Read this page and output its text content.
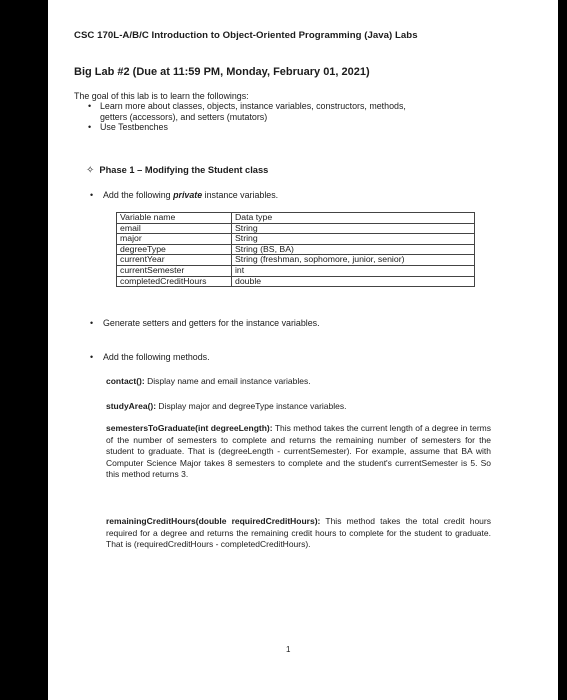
CSC 170L-A/B/C Introduction to Object-Oriented Programming (Java) Labs
Big Lab #2 (Due at 11:59 PM, Monday, February 01, 2021)
The goal of this lab is to learn the followings:
• Learn more about classes, objects, instance variables, constructors, methods,
getters (accessors), and setters (mutators)
• Use Testbenches
✧ Phase 1 – Modifying the Student class
• Add the following private instance variables.
Variable name	Data type
email	String
major	String
degreeType	String (BS, BA)
currentYear	String (freshman, sophomore, junior, senior)
currentSemester	int
completedCreditHours	double
• Generate setters and getters for the instance variables.
• Add the following methods.
contact(): Display name and email instance variables.
studyArea(): Display major and degreeType instance variables.
semestersToGraduate(int degreeLength): This method takes the current length of a degree in terms of the number of semesters to complete and returns the remaining number of semesters for the student to graduate. That is (degreeLength - currentSemester). For example, assume that BA with Computer Science Major takes 8 semesters to complete and the student's currentSemester is 5. So this method returns 3.
remainingCreditHours(double requiredCreditHours): This method takes the total credit hours required for a degree and returns the remaining credit hours to complete for the student to graduate. That is (requiredCreditHours - completedCreditHours).
1
